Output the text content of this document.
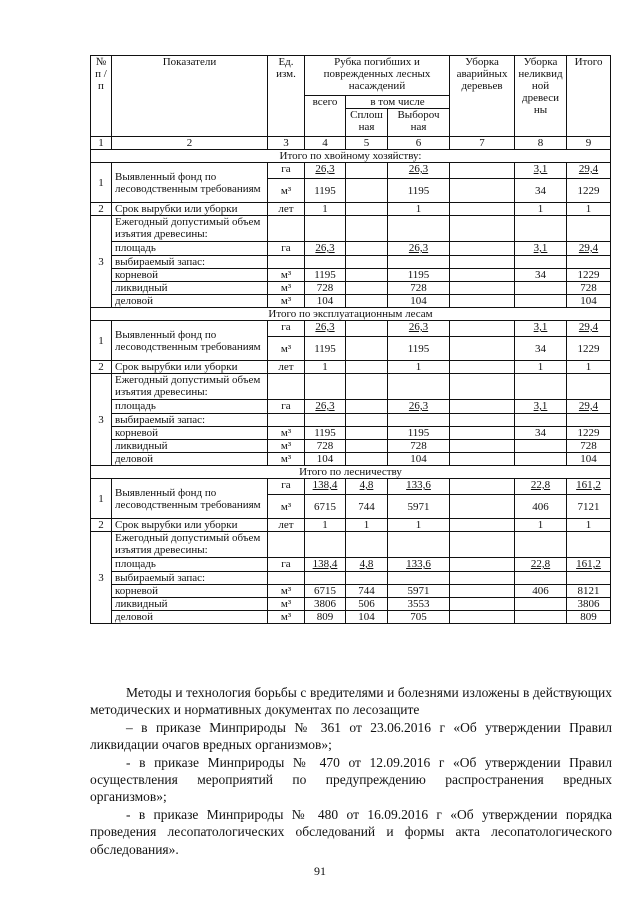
№ п / п	Показатели	Ед. изм.	Рубка погибших и поврежденных лесных насаждений			Уборка аварийных деревьев	Уборка неликвид ной древеси ны	Итого
			всего	в том числе				
				Сплош ная	Выбороч ная			
1	2	3	4	5	6	7	8	9
Итого по хвойному хозяйству:								
1	Выявленный фонд по лесоводственным требованиям	га	26,3		26,3		3,1	29,4
		м³	1195		1195		34	1229
2	Срок вырубки или уборки	лет	1		1		1	1
3	Ежегодный допустимый объем изъятия древесины:							
	площадь	га	26,3		26,3		3,1	29,4
	выбираемый запас:							
	корневой	м³	1195		1195		34	1229
	ликвидный	м³	728		728			728
	деловой	м³	104		104			104
Итого по эксплуатационным лесам								
1	Выявленный фонд по лесоводственным требованиям	га	26,3		26,3		3,1	29,4
		м³	1195		1195		34	1229
2	Срок вырубки или уборки	лет	1		1		1	1
3	Ежегодный допустимый объем изъятия древесины:							
	площадь	га	26,3		26,3		3,1	29,4
	выбираемый запас:							
	корневой	м³	1195		1195		34	1229
	ликвидный	м³	728		728			728
	деловой	м³	104		104			104
Итого по лесничеству								
1	Выявленный фонд по лесоводственным требованиям	га	138,4	4,8	133,6		22,8	161,2
		м³	6715	744	5971		406	7121
2	Срок вырубки или уборки	лет	1	1	1		1	1
3	Ежегодный допустимый объем изъятия древесины:							
	площадь	га	138,4	4,8	133,6		22,8	161,2
	выбираемый запас:							
	корневой	м³	6715	744	5971		406	8121
	ликвидный	м³	3806	506	3553			3806
	деловой	м³	809	104	705			809

Методы и технология борьбы с вредителями и болезнями изложены в действующих методических и нормативных документах по лесозащите

– в приказе Минприроды № 361 от 23.06.2016 г «Об утверждении Правил ликвидации очагов вредных организмов»;

- в приказе Минприроды № 470 от 12.09.2016 г «Об утверждении Правил осуществления мероприятий по предупреждению распространения вредных организмов»;

- в приказе Минприроды № 480 от 16.09.2016 г «Об утверждении порядка проведения лесопатологических обследований и формы акта лесопатологического обследования».

91
